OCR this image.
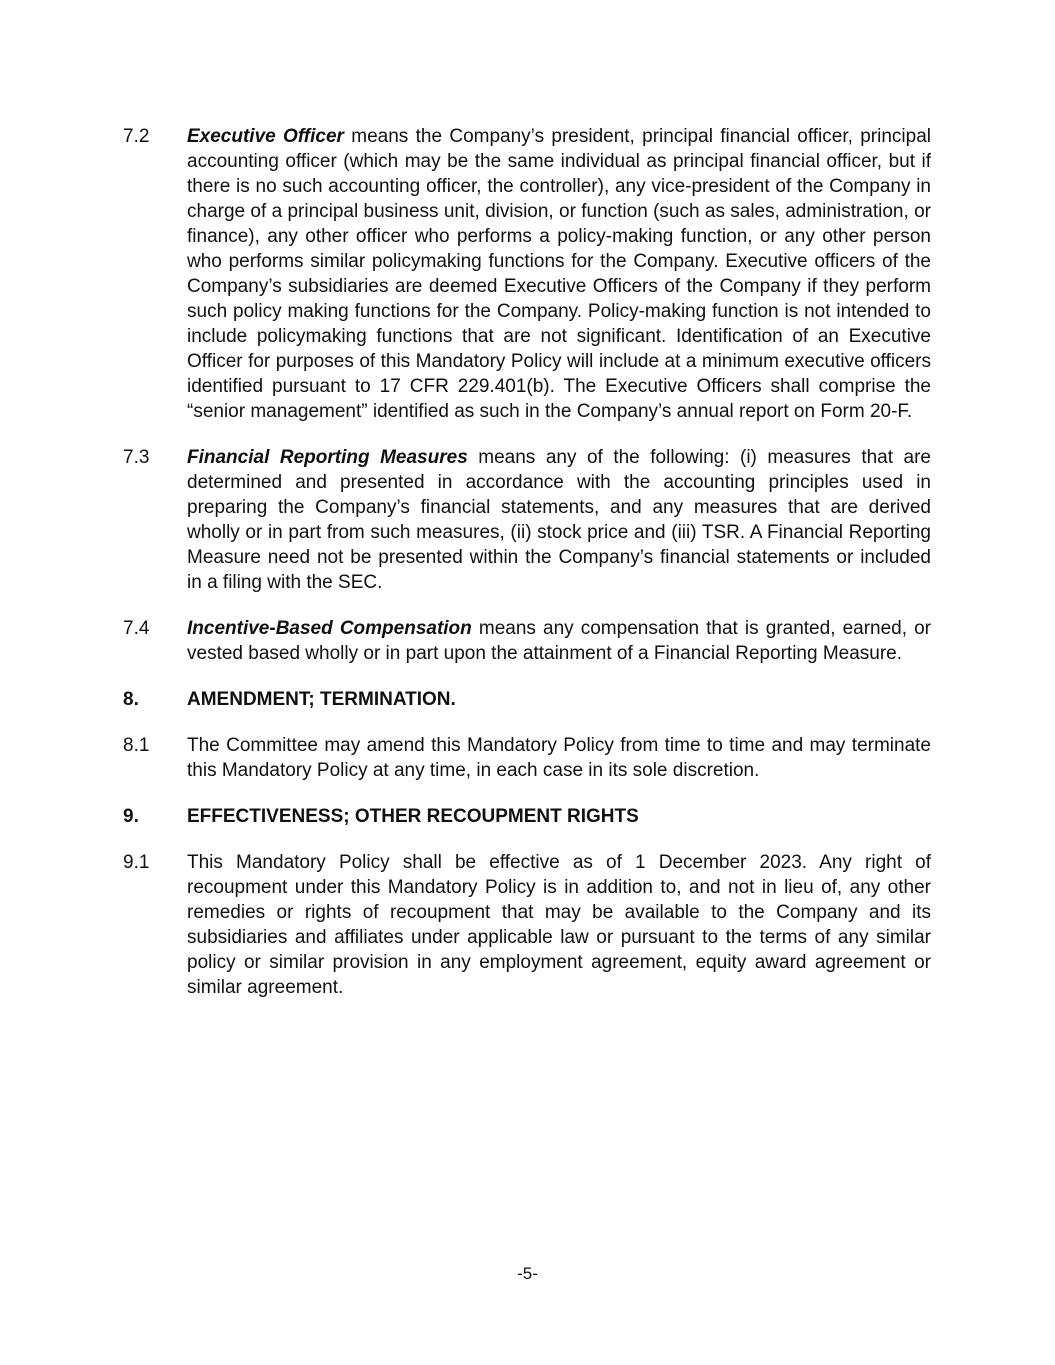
7.2	Executive Officer means the Company’s president, principal financial officer, principal accounting officer (which may be the same individual as principal financial officer, but if there is no such accounting officer, the controller), any vice-president of the Company in charge of a principal business unit, division, or function (such as sales, administration, or finance), any other officer who performs a policy-making function, or any other person who performs similar policymaking functions for the Company. Executive officers of the Company’s subsidiaries are deemed Executive Officers of the Company if they perform such policy making functions for the Company. Policy-making function is not intended to include policymaking functions that are not significant. Identification of an Executive Officer for purposes of this Mandatory Policy will include at a minimum executive officers identified pursuant to 17 CFR 229.401(b). The Executive Officers shall comprise the “senior management” identified as such in the Company’s annual report on Form 20-F.
7.3	Financial Reporting Measures means any of the following: (i) measures that are determined and presented in accordance with the accounting principles used in preparing the Company’s financial statements, and any measures that are derived wholly or in part from such measures, (ii) stock price and (iii) TSR. A Financial Reporting Measure need not be presented within the Company’s financial statements or included in a filing with the SEC.
7.4	Incentive-Based Compensation means any compensation that is granted, earned, or vested based wholly or in part upon the attainment of a Financial Reporting Measure.
8.	AMENDMENT; TERMINATION.
8.1	The Committee may amend this Mandatory Policy from time to time and may terminate this Mandatory Policy at any time, in each case in its sole discretion.
9.	EFFECTIVENESS; OTHER RECOUPMENT RIGHTS
9.1	This Mandatory Policy shall be effective as of 1 December 2023. Any right of recoupment under this Mandatory Policy is in addition to, and not in lieu of, any other remedies or rights of recoupment that may be available to the Company and its subsidiaries and affiliates under applicable law or pursuant to the terms of any similar policy or similar provision in any employment agreement, equity award agreement or similar agreement.
-5-
